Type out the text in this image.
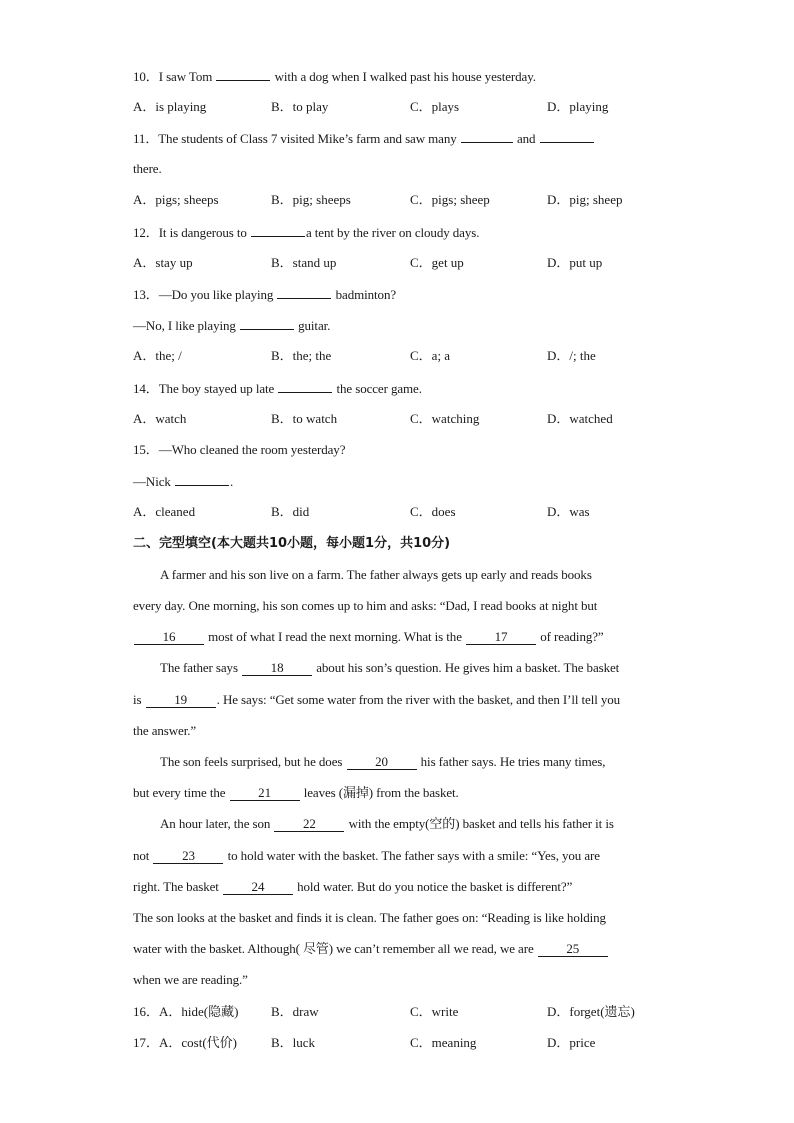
10．I saw Tom	with a dog when I walked past his house yesterday.
A．is playing	B．to play	C．plays	D．playing
11．The students of Class 7 visited Mike’s farm and saw many	and
there.
A．pigs; sheeps	B．pig; sheeps	C．pigs; sheep	D．pig; sheep
12．It is dangerous to	a tent by the river on cloudy days.
A．stay up	B．stand up	C．get up	D．put up
13．—Do you like playing	badminton?
—No, I like playing	guitar.
A．the; /	B．the; the	C．a; a	D．/; the
14．The boy stayed up late	the soccer game.
A．watch	B．to watch	C．watching	D．watched
15．—Who cleaned the room yesterday?
—Nick	.
A．cleaned	B．did	C．does	D．was
二、完型填空(本大题共10小题，每小题1分，共10分)
A farmer and his son live on a farm. The father always gets up early and reads books
every day. One morning, his son comes up to him and asks: “Dad, I read books at night but
16	most of what I read the next morning. What is the	17	of reading?”
The father says	18	about his son’s question. He gives him a basket. The basket
is	19 . He says: “Get some water from the river with the basket, and then I’ll tell you
the answer.”
The son feels surprised, but he does	20	his father says. He tries many times,
but every time the	21	leaves (漏掉) from the basket.
An hour later, the son	22	with the empty(空的) basket and tells his father it is
not	23	to hold water with the basket. The father says with a smile: “Yes, you are
right. The basket	24	hold water. But do you notice the basket is different?”
The son looks at the basket and finds it is clean. The father goes on: “Reading is like holding
water with the basket. Although( 尽管) we can’t remember all we read, we are	25
when we are reading.”
16．A．hide(隐藏)	B．draw	C．write	D．forget(遗忘)
17．A．cost(代价)	B．luck	C．meaning	D．price
